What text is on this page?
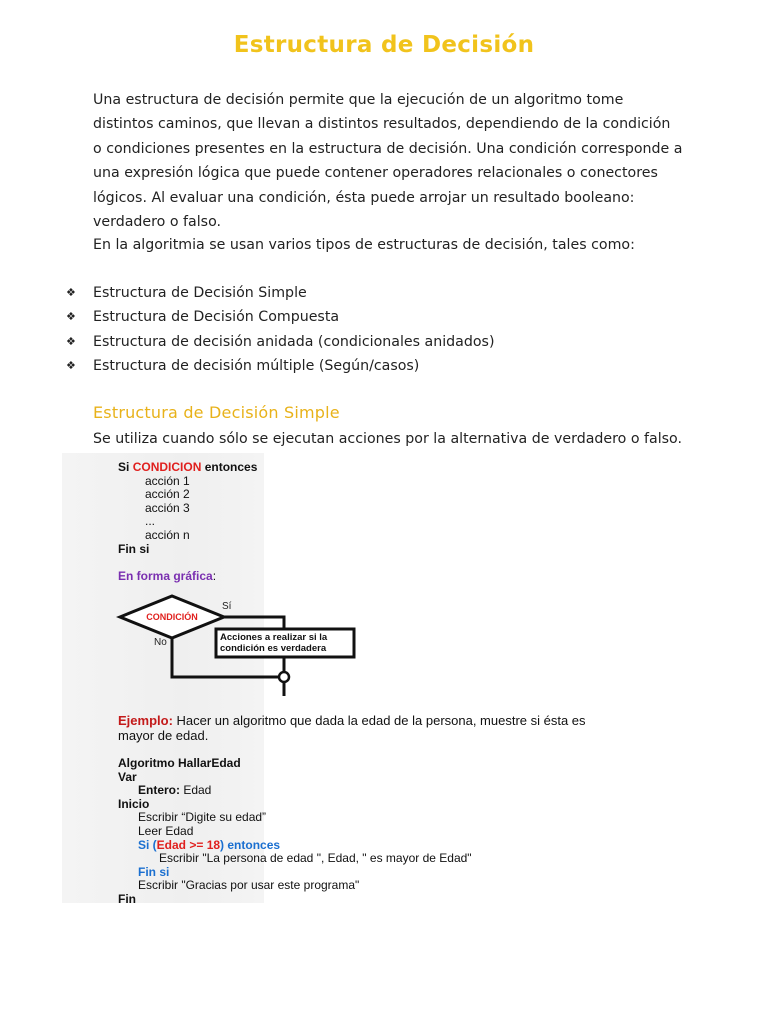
Estructura de Decisión
Una estructura de decisión permite que la ejecución de un algoritmo tome distintos caminos, que llevan a distintos resultados, dependiendo de la condición o condiciones presentes en la estructura de decisión. Una condición corresponde a una expresión lógica que puede contener operadores relacionales o conectores lógicos. Al evaluar una condición, ésta puede arrojar un resultado booleano: verdadero o falso.
En la algoritmia se usan varios tipos de estructuras de decisión, tales como:
❖	Estructura de Decisión Simple
❖	Estructura de Decisión Compuesta
❖	Estructura de decisión anidada (condicionales anidados)
❖	Estructura de decisión múltiple (Según/casos)
Estructura de Decisión Simple
Se utiliza cuando sólo se ejecutan acciones por la alternativa de verdadero o falso.
Si CONDICION entonces
acción 1
acción 2
acción 3
...
acción n
Fin si
En forma gráfica:
CONDICIÓN
Sí
Acciones a realizar si la
condición es verdadera
No
Ejemplo: Hacer un algoritmo que dada la edad de la persona, muestre si ésta es
mayor de edad.
Algoritmo HallarEdad
Var
Entero: Edad
Inicio
Escribir “Digite su edad”
Leer Edad
Si (Edad >= 18) entonces
Escribir "La persona de edad ", Edad, " es mayor de Edad"
Fin si
Escribir "Gracias por usar este programa"
Fin
